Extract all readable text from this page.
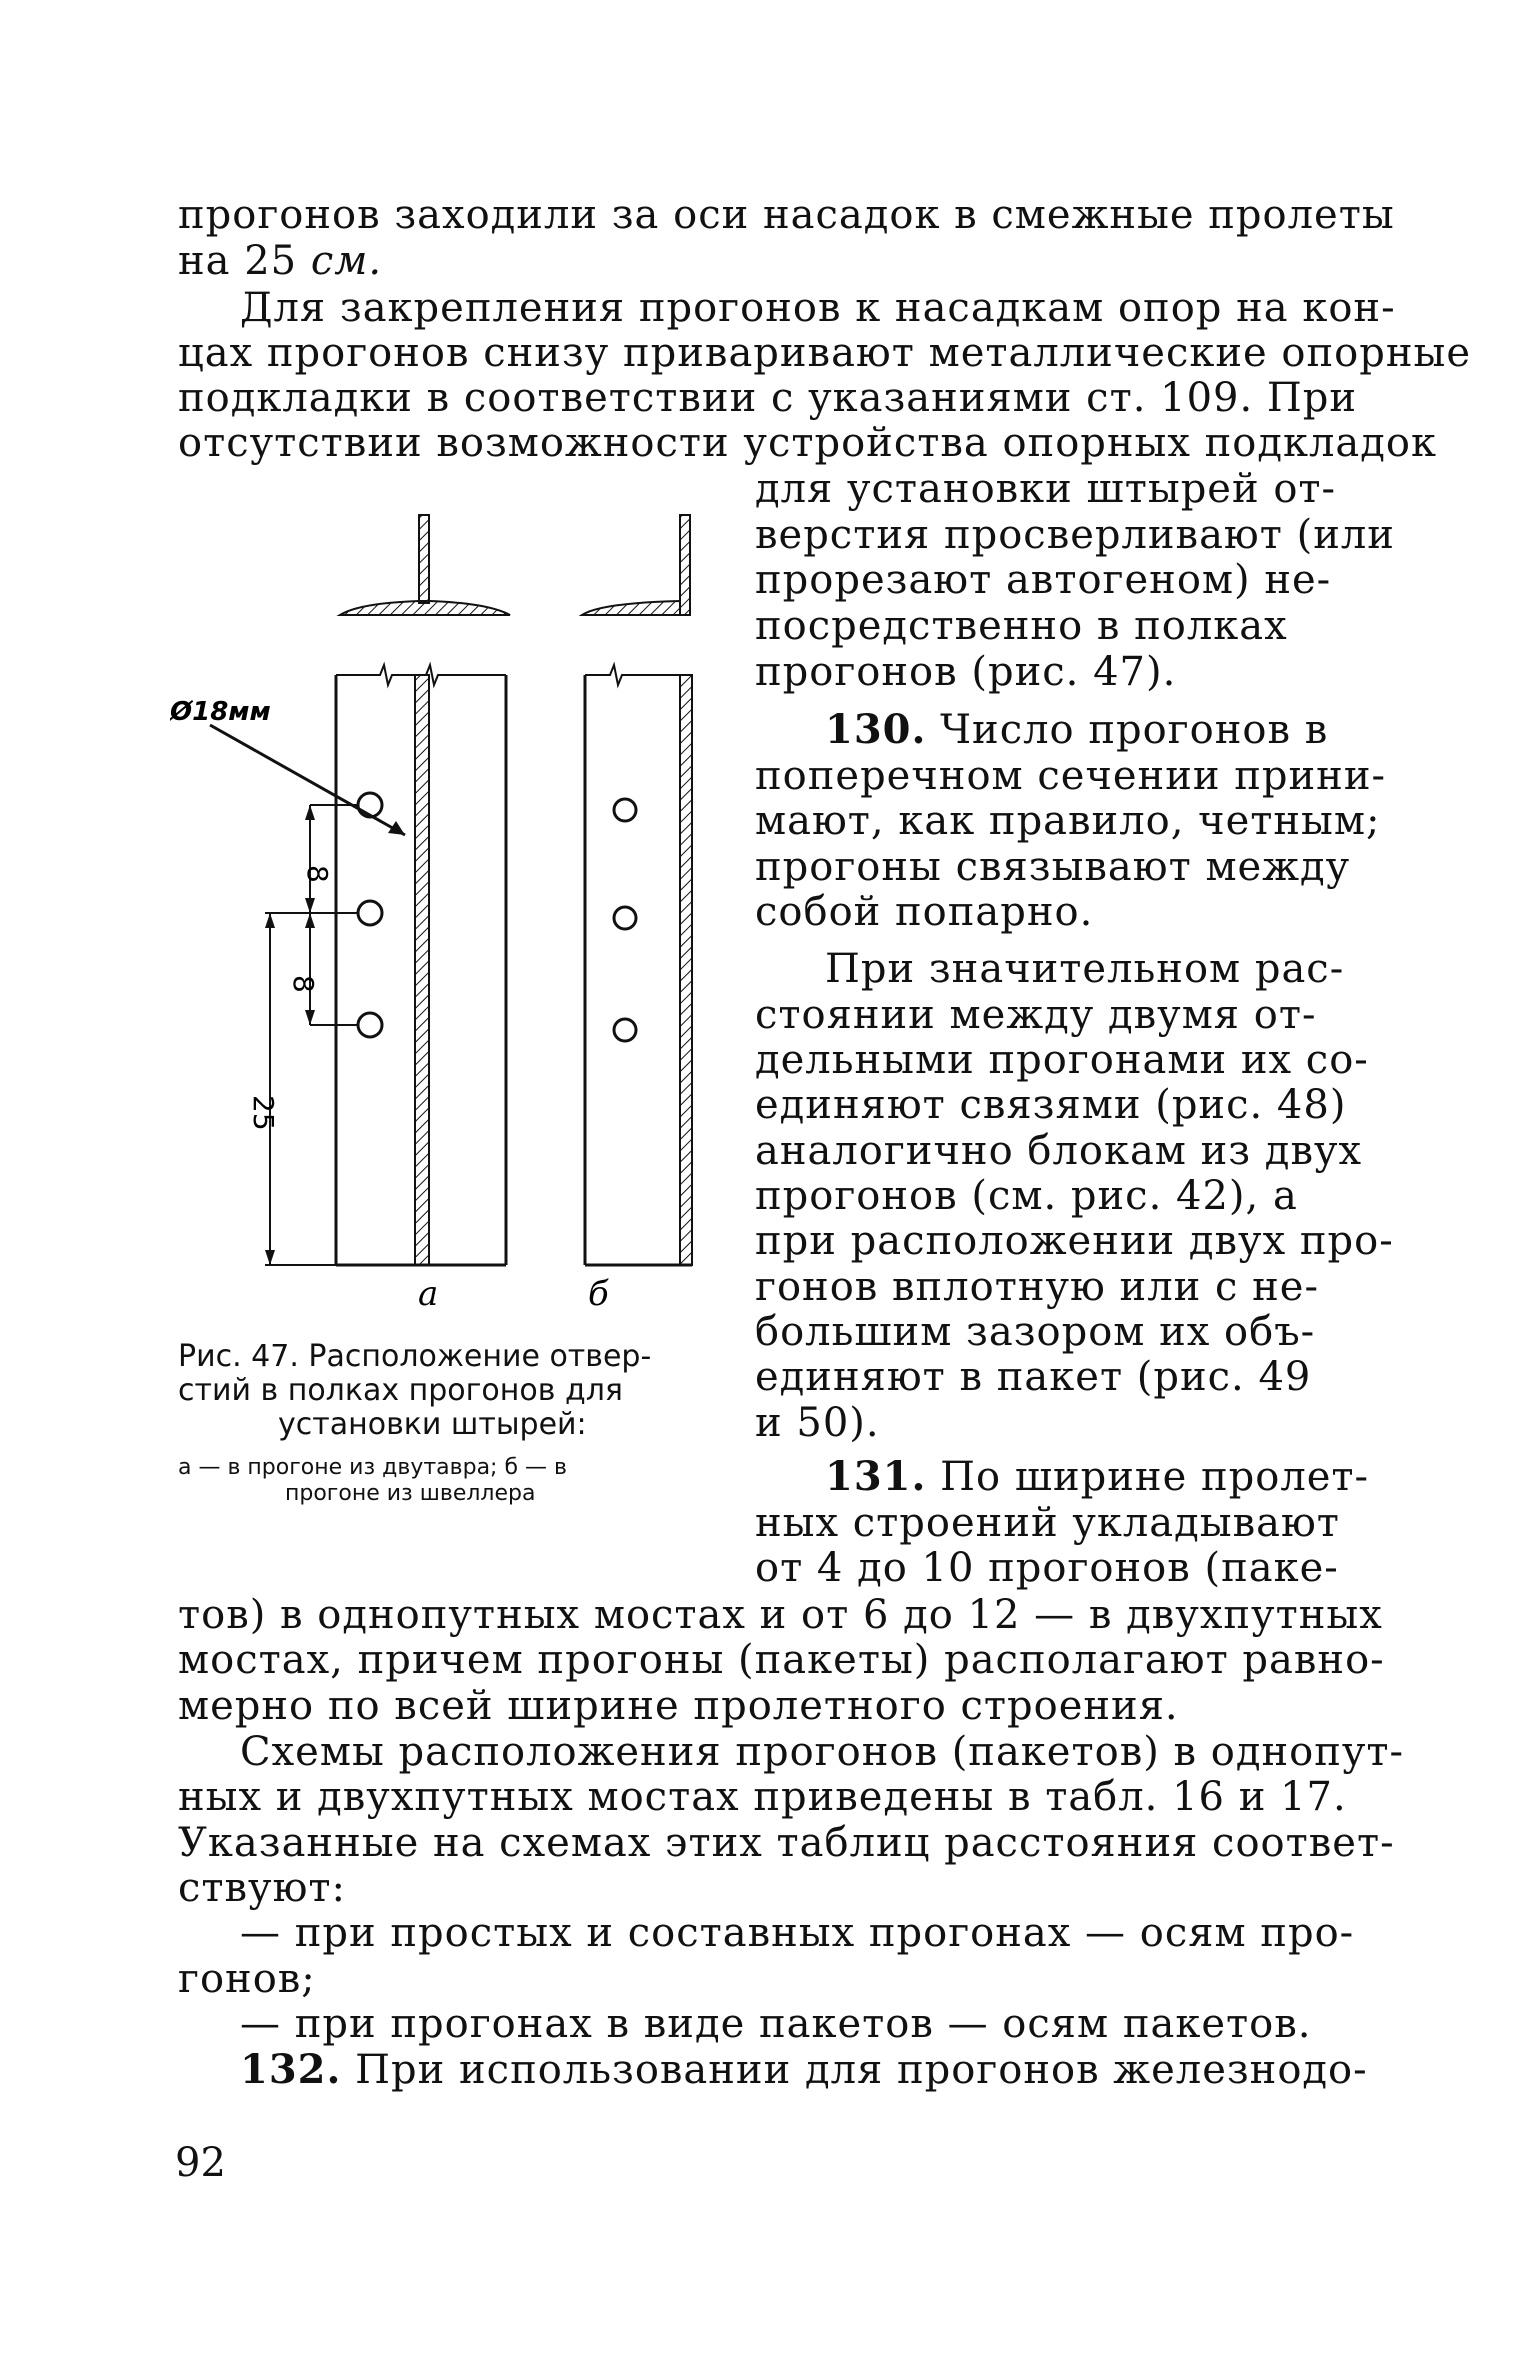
прогонов заходили за оси насадок в смежные пролеты
на 25 см.
Для закрепления прогонов к насадкам опор на кон-
цах прогонов снизу приваривают металлические опорные
подкладки в соответствии с указаниями ст. 109. При
отсутствии возможности устройства опорных подкладок
для установки штырей от-
верстия просверливают (или
прорезают автогеном) не-
посредственно в полках
прогонов (рис. 47).
130. Число прогонов в
поперечном сечении прини-
мают, как правило, четным;
прогоны связывают между
собой попарно.
При значительном рас-
стоянии между двумя от-
дельными прогонами их со-
единяют связями (рис. 48)
аналогично блокам из двух
прогонов (см. рис. 42), а
при расположении двух про-
гонов вплотную или с не-
большим зазором их объ-
единяют в пакет (рис. 49
и 50).
131. По ширине пролет-
ных строений укладывают
от 4 до 10 прогонов (паке-
Ø18мм
8
8
25
а	б
Рис. 47. Расположение отвер-
стий в полках прогонов для
установки штырей:
а — в прогоне из двутавра; б — в
прогоне из швеллера
тов) в однопутных мостах и от 6 до 12 — в двухпутных
мостах, причем прогоны (пакеты) располагают равно-
мерно по всей ширине пролетного строения.
Схемы расположения прогонов (пакетов) в однопут-
ных и двухпутных мостах приведены в табл. 16 и 17.
Указанные на схемах этих таблиц расстояния соответ-
ствуют:
— при простых и составных прогонах — осям про-
гонов;
— при прогонах в виде пакетов — осям пакетов.
132. При использовании для прогонов железнодо-
92
